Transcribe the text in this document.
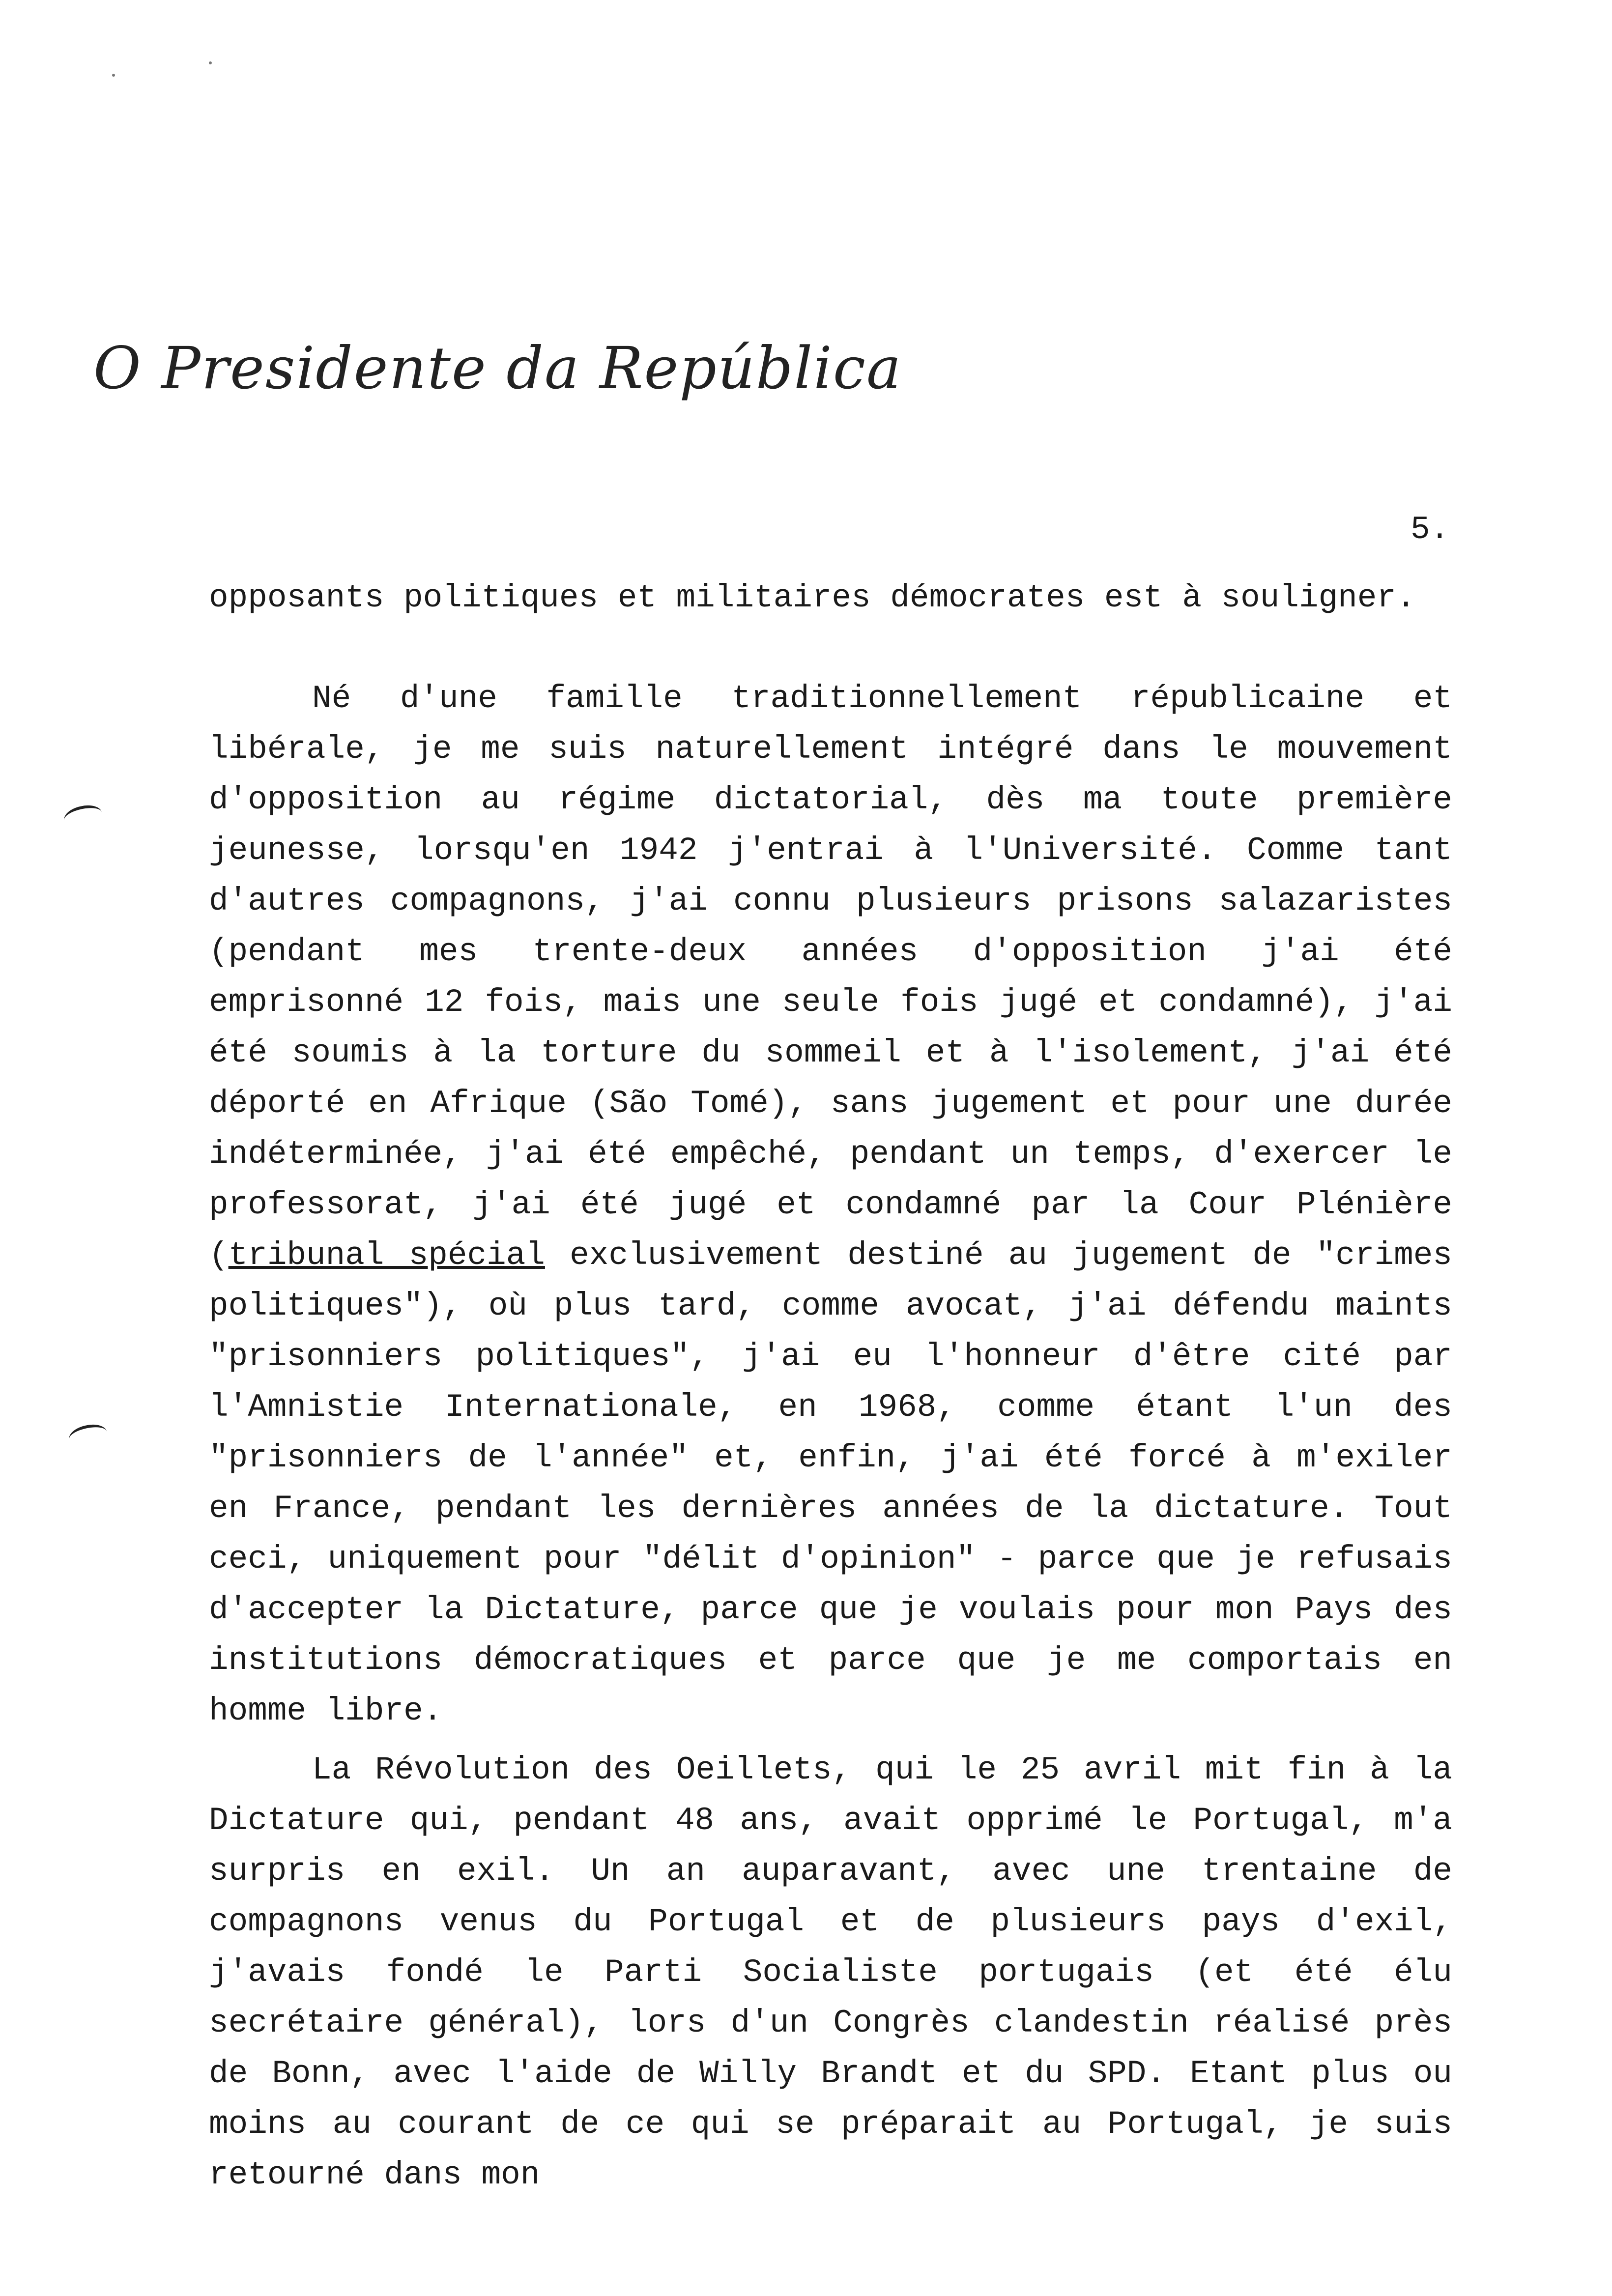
O Presidente da República
5.
opposants politiques et militaires démocrates est à souligner.
Né d'une famille traditionnellement républicaine et libérale, je me suis naturellement intégré dans le mouvement d'opposition au régime dictatorial, dès ma toute première jeunesse, lorsqu'en 1942 j'entrai à l'Université. Comme tant d'autres compagnons, j'ai connu plusieurs prisons salazaristes (pendant mes trente-deux années d'opposition j'ai été emprisonné 12 fois, mais une seule fois jugé et condamné), j'ai été soumis à la torture du sommeil et à l'isolement, j'ai été déporté en Afrique (São Tomé), sans jugement et pour une durée indéterminée, j'ai été empêché, pendant un temps, d'exercer le professorat, j'ai été jugé et condamné par la Cour Plénière (tribunal spécial exclusivement destiné au jugement de "crimes politiques"), où plus tard, comme avocat, j'ai défendu maints "prisonniers politiques", j'ai eu l'honneur d'être cité par l'Amnistie Internationale, en 1968, comme étant l'un des "prisonniers de l'année" et, enfin, j'ai été forcé à m'exiler en France, pendant les dernières années de la dictature. Tout ceci, uniquement pour "délit d'opinion" - parce que je refusais d'accepter la Dictature, parce que je voulais pour mon Pays des institutions démocratiques et parce que je me comportais en homme libre.
La Révolution des Oeillets, qui le 25 avril mit fin à la Dictature qui, pendant 48 ans, avait opprimé le Portugal, m'a surpris en exil. Un an auparavant, avec une trentaine de compagnons venus du Portugal et de plusieurs pays d'exil, j'avais fondé le Parti Socialiste portugais (et été élu secrétaire général), lors d'un Congrès clandestin réalisé près de Bonn, avec l'aide de Willy Brandt et du SPD. Etant plus ou moins au courant de ce qui se préparait au Portugal, je suis retourné dans mon
